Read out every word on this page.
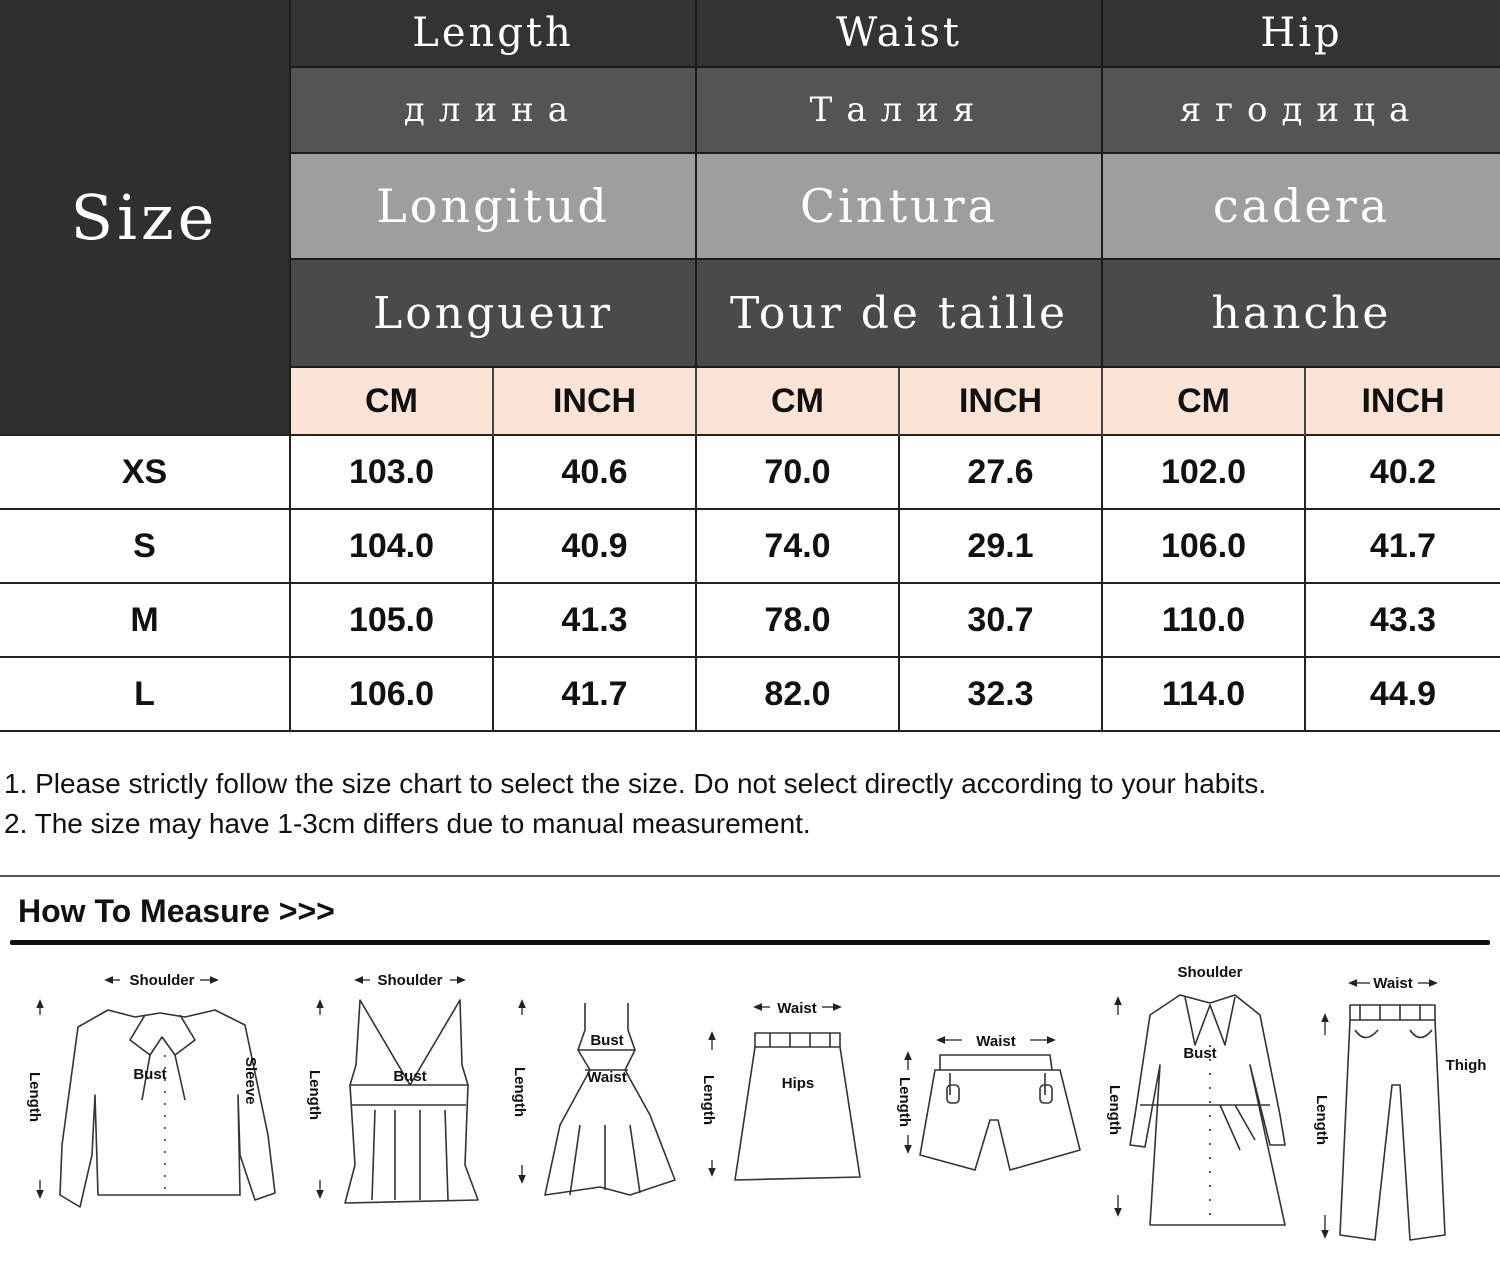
Size	Length		Waist		Hip	
	длина		Талия		ягодица	
	Longitud		Cintura		cadera	
	Longueur		Tour de taille		hanche	
	CM	INCH	CM	INCH	CM	INCH
XS	103.0	40.6	70.0	27.6	102.0	40.2
S	104.0	40.9	74.0	29.1	106.0	41.7
M	105.0	41.3	78.0	30.7	110.0	43.3
L	106.0	41.7	82.0	32.3	114.0	44.9
1. Please strictly follow the size chart to select the size. Do not select directly according to your habits.
2. The size may have 1-3cm differs due to manual measurement.
How To Measure >>>
Shoulder	Shoulder	Shoulder
Bust	Bust
Bust
Bust
Waist
Waist
Waist
Waist
Hips
Thigh
Sleeve
Length	Length	Length	Length	Length	Length	Length
